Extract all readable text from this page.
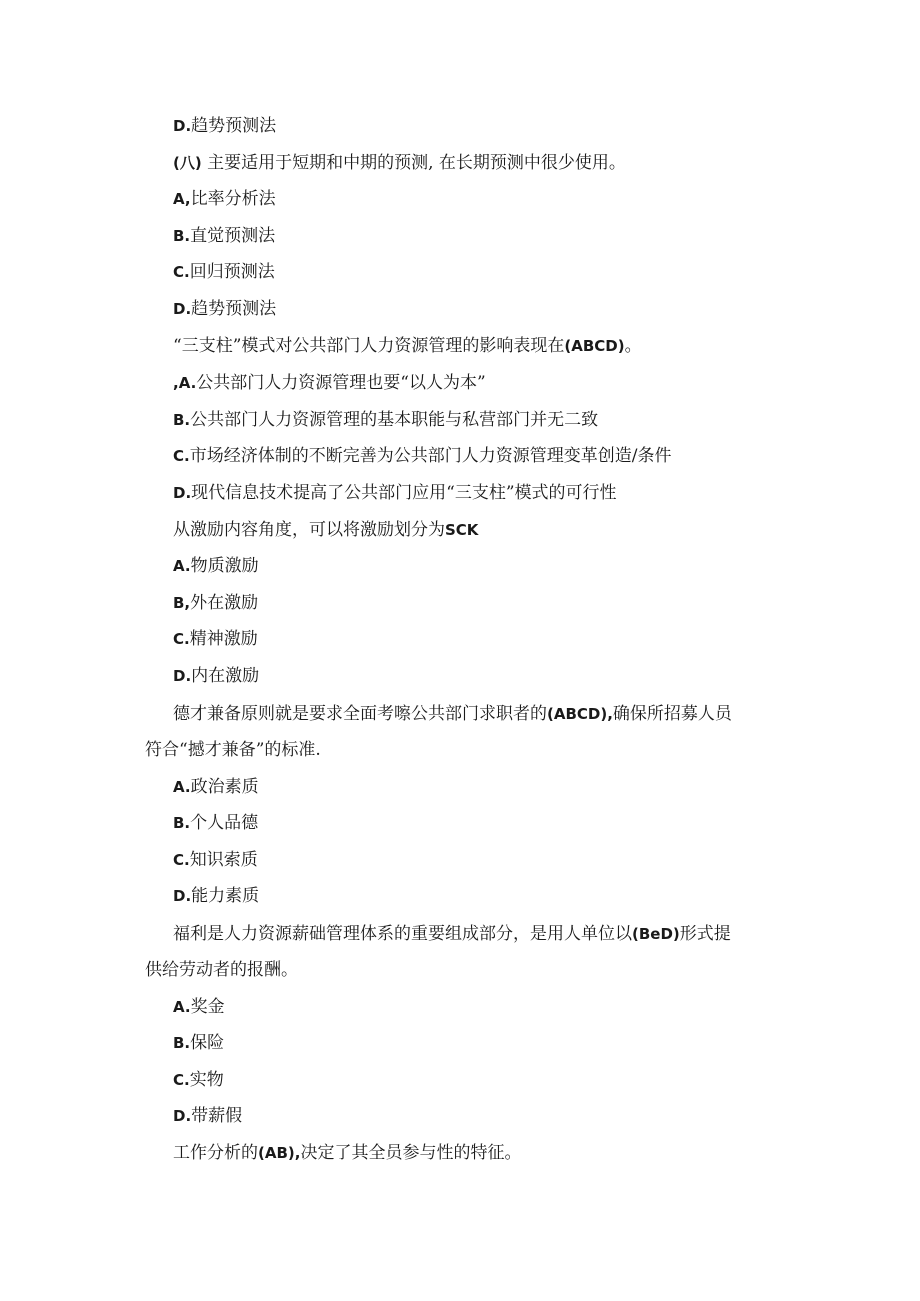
D.趋势预测法
(八) 主要适用于短期和中期的预测, 在长期预测中很少使用。
A,比率分析法
B.直觉预测法
C.回归预测法
D.趋势预测法
“三支柱”模式对公共部门人力资源管理的影响表现在(ABCD)。
,A.公共部门人力资源管理也要“以人为本”
B.公共部门人力资源管理的基本职能与私营部门并无二致
C.市场经济体制的不断完善为公共部门人力资源管理变革创造/条件
D.现代信息技术提高了公共部门应用“三支柱”模式的可行性
从激励内容角度，可以将激励划分为SCK
A.物质激励
B,外在激励
C.精神激励
D.内在激励
德才兼备原则就是要求全面考嚓公共部门求职者的(ABCD),确保所招募人员
符合“撼才兼备”的标准.
A.政治素质
B.个人品德
C.知识索质
D.能力素质
福利是人力资源薪础管理体系的重要组成部分，是用人单位以(BeD)形式提
供给劳动者的报酬。
A.奖金
B.保险
C.实物
D.带薪假
工作分析的(AB),决定了其全员参与性的特征。
